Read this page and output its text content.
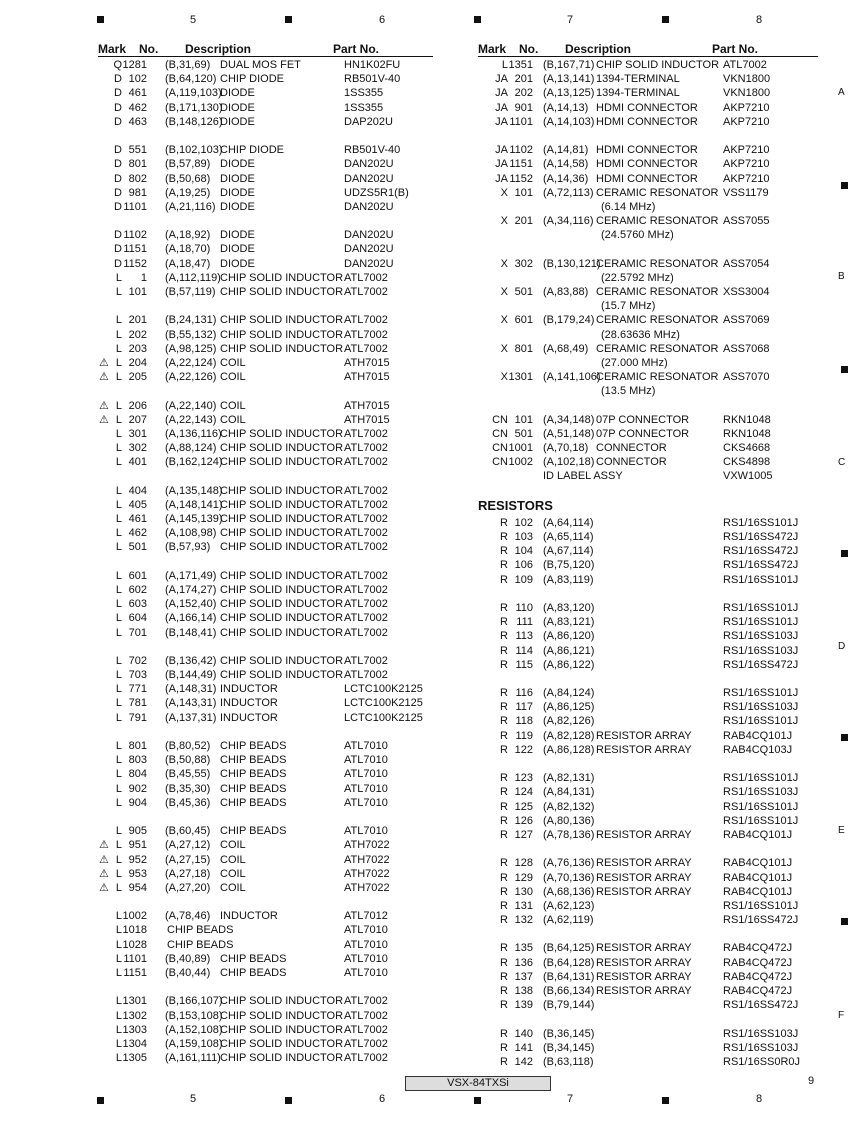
5	6	7	8
5	6	7	8
A
B
C
D
E
F
Mark No. Description	Part No.
Q 1281 (B,31,69) DUAL MOS FET	HN1K02FU
D 102 (B,64,120) CHIP DIODE	RB501V-40
D 461 (A,119,103)
DIODE	1SS355
D 462 (B,171,130)
DIODE	1SS355
D 463 (B,148,126)
DIODE	DAP202U
D 551 (B,102,103)
CHIP DIODE	RB501V-40
D 801 (B,57,89) DIODE	DAN202U
D 802 (B,50,68) DIODE	DAN202U
D 981 (A,19,25) DIODE	UDZS5R1(B)
D 1101 (A,21,116) DIODE	DAN202U
D 1102 (A,18,92) DIODE	DAN202U
D 1151 (A,18,70) DIODE	DAN202U
D 1152 (A,18,47) DIODE	DAN202U
L 1 (A,112,119) CHIP SOLID INDUCTOR ATL7002
L 101 (B,57,119) CHIP SOLID INDUCTOR ATL7002
L 201 (B,24,131) CHIP SOLID INDUCTOR ATL7002
L 202 (B,55,132) CHIP SOLID INDUCTOR ATL7002
L 203 (A,98,125) CHIP SOLID INDUCTOR ATL7002
L 204 (A,22,124) COIL	ATH7015
⚠
L 205 (A,22,126) COIL	ATH7015
⚠
L 206 (A,22,140) COIL	ATH7015
⚠
L 207 (A,22,143) COIL	ATH7015
⚠
L 301 (A,136,116)
CHIP SOLID INDUCTOR ATL7002
L 302 (A,88,124) CHIP SOLID INDUCTOR ATL7002
L 401 (B,162,124)
CHIP SOLID INDUCTOR ATL7002
L 404 (A,135,148)
CHIP SOLID INDUCTOR ATL7002
L 405 (A,148,141)
CHIP SOLID INDUCTOR ATL7002
L 461 (A,145,139)
CHIP SOLID INDUCTOR ATL7002
L 462 (A,108,98) CHIP SOLID INDUCTOR ATL7002
L 501 (B,57,93) CHIP SOLID INDUCTOR ATL7002
L 601 (A,171,49) CHIP SOLID INDUCTOR ATL7002
L 602 (A,174,27) CHIP SOLID INDUCTOR ATL7002
L 603 (A,152,40) CHIP SOLID INDUCTOR ATL7002
L 604 (A,166,14) CHIP SOLID INDUCTOR ATL7002
L 701 (B,148,41) CHIP SOLID INDUCTOR ATL7002
L 702 (B,136,42) CHIP SOLID INDUCTOR ATL7002
L 703 (B,144,49) CHIP SOLID INDUCTOR ATL7002
L 771 (A,148,31) INDUCTOR	LCTC100K2125
L 781 (A,143,31) INDUCTOR	LCTC100K2125
L 791 (A,137,31) INDUCTOR	LCTC100K2125
L 801 (B,80,52) CHIP BEADS	ATL7010
L 803 (B,50,88) CHIP BEADS	ATL7010
L 804 (B,45,55) CHIP BEADS	ATL7010
L 902 (B,35,30) CHIP BEADS	ATL7010
L 904 (B,45,36) CHIP BEADS	ATL7010
L 905 (B,60,45) CHIP BEADS	ATL7010
L 951 (A,27,12) COIL	ATH7022
⚠
L 952 (A,27,15) COIL	ATH7022
⚠
L 953 (A,27,18) COIL	ATH7022
⚠
L 954 (A,27,20) COIL	ATH7022
⚠
L 1002 (A,78,46) INDUCTOR	ATL7012
L 1018 CHIP BEADS	ATL7010
L 1028 CHIP BEADS	ATL7010
L 1101 (B,40,89) CHIP BEADS	ATL7010
L 1151 (B,40,44) CHIP BEADS	ATL7010
L 1301 (B,166,107)
CHIP SOLID INDUCTOR ATL7002
L 1302 (B,153,108)
CHIP SOLID INDUCTOR ATL7002
L 1303 (A,152,108)
CHIP SOLID INDUCTOR ATL7002
L 1304 (A,159,108)
CHIP SOLID INDUCTOR ATL7002
L 1305 (A,161,111) CHIP SOLID INDUCTOR ATL7002
Mark No. Description	Part No.
L 1351 (B,167,71) CHIP SOLID INDUCTOR ATL7002
JA 201 (A,13,141) 1394-TERMINAL	VKN1800
JA 202 (A,13,125) 1394-TERMINAL	VKN1800
JA 901 (A,14,13) HDMI CONNECTOR AKP7210
JA 1101 (A,14,103) HDMI CONNECTOR AKP7210
JA 1102 (A,14,81) HDMI CONNECTOR AKP7210
JA 1151 (A,14,58) HDMI CONNECTOR AKP7210
JA 1152 (A,14,36) HDMI CONNECTOR AKP7210
X 101 (A,72,113) CERAMIC RESONATOR VSS1179
(6.14 MHz)
X 201 (A,34,116) CERAMIC RESONATOR ASS7055
(24.5760 MHz)
X 302 (B,130,121)
CERAMIC RESONATOR ASS7054
(22.5792 MHz)
X 501 (A,83,88) CERAMIC RESONATOR XSS3004
(15.7 MHz)
X 601 (B,179,24) CERAMIC RESONATOR ASS7069
(28.63636 MHz)
X 801 (A,68,49) CERAMIC RESONATOR ASS7068
(27.000 MHz)
X 1301 (A,141,106)
CERAMIC RESONATOR ASS7070
(13.5 MHz)
CN 101 (A,34,148) 07P CONNECTOR	RKN1048
CN 501 (A,51,148) 07P CONNECTOR	RKN1048
CN 1001 (A,70,18) CONNECTOR	CKS4668
CN 1002 (A,102,18) CONNECTOR	CKS4898
ID LABEL ASSY	VXW1005
RESISTORS
R 102 (A,64,114)	RS1/16SS101J
R 103 (A,65,114)	RS1/16SS472J
R 104 (A,67,114)	RS1/16SS472J
R 106 (B,75,120)	RS1/16SS472J
R 109 (A,83,119)	RS1/16SS101J
R 110 (A,83,120)	RS1/16SS101J
R 111 (A,83,121)	RS1/16SS101J
R 113 (A,86,120)	RS1/16SS103J
R 114 (A,86,121)	RS1/16SS103J
R 115 (A,86,122)	RS1/16SS472J
R 116 (A,84,124)	RS1/16SS101J
R 117 (A,86,125)	RS1/16SS103J
R 118 (A,82,126)	RS1/16SS101J
R 119 (A,82,128) RESISTOR ARRAY	RAB4CQ101J
R 122 (A,86,128) RESISTOR ARRAY	RAB4CQ103J
R 123 (A,82,131)	RS1/16SS101J
R 124 (A,84,131)	RS1/16SS103J
R 125 (A,82,132)	RS1/16SS101J
R 126 (A,80,136)	RS1/16SS101J
R 127 (A,78,136) RESISTOR ARRAY	RAB4CQ101J
R 128 (A,76,136) RESISTOR ARRAY	RAB4CQ101J
R 129 (A,70,136) RESISTOR ARRAY	RAB4CQ101J
R 130 (A,68,136) RESISTOR ARRAY	RAB4CQ101J
R 131 (A,62,123)	RS1/16SS101J
R 132 (A,62,119)	RS1/16SS472J
R 135 (B,64,125) RESISTOR ARRAY	RAB4CQ472J
R 136 (B,64,128) RESISTOR ARRAY	RAB4CQ472J
R 137 (B,64,131) RESISTOR ARRAY	RAB4CQ472J
R 138 (B,66,134) RESISTOR ARRAY	RAB4CQ472J
R 139 (B,79,144)	RS1/16SS472J
R 140 (B,36,145)	RS1/16SS103J
R 141 (B,34,145)	RS1/16SS103J
R 142 (B,63,118)	RS1/16SS0R0J
VSX-84TXSi	9
